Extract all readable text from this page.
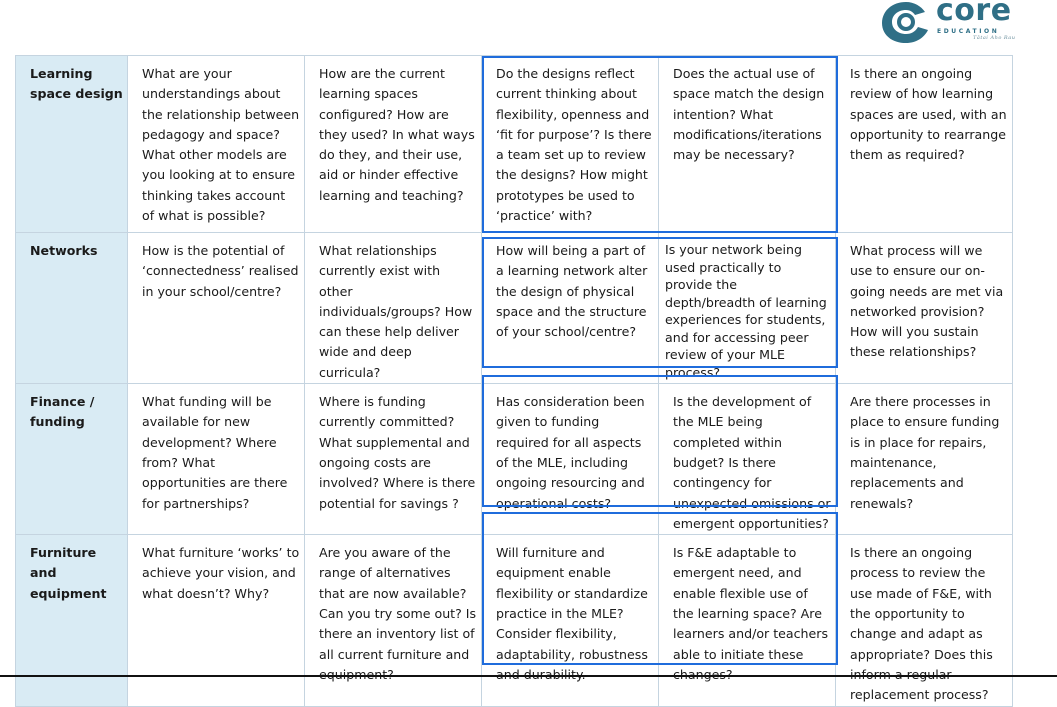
core
EDUCATION
Tātai Aho Rau
Learning space design	What are your understandings about the relationship between pedagogy and space? What other models are you looking at to ensure thinking takes account of what is possible?	How are the current learning spaces configured? How are they used? In what ways do they, and their use, aid or hinder effective learning and teaching?	Do the designs reflect current thinking about flexibility, openness and ‘fit for purpose’? Is there a team set up to review the designs? How might prototypes be used to ‘practice’ with?	Does the actual use of space match the design intention? What modifications/iterations may be necessary?	Is there an ongoing review of how learning spaces are used, with an opportunity to rearrange them as required?
Networks	How is the potential of ‘connectedness’ realised in your school/centre?	What relationships currently exist with other individuals/groups? How can these help deliver wide and deep curricula?	How will being a part of a learning network alter the design of physical space and the structure of your school/centre?	Is your network being used practically to provide the depth/breadth of learning experiences for students, and for accessing peer review of your MLE process?	What process will we use to ensure our on-going needs are met via networked provision? How will you sustain these relationships?
Finance / funding	What funding will be available for new development? Where from? What opportunities are there for partnerships?	Where is funding currently committed? What supplemental and ongoing costs are involved? Where is there potential for savings ?	Has consideration been given to funding required for all aspects of the MLE, including ongoing resourcing and operational costs?	Is the development of the MLE being completed within budget? Is there contingency for unexpected omissions or emergent opportunities?	Are there processes in place to ensure funding is in place for repairs, maintenance, replacements and renewals?
Furniture and equipment	What furniture ‘works’ to achieve your vision, and what doesn’t? Why?	Are you aware of the range of alternatives that are now available? Can you try some out? Is there an inventory list of all current furniture and	Will furniture and equipment enable flexibility or standardize practice in the MLE? Consider flexibility, adaptability, robustness	Is F&E adaptable to emergent need, and enable flexible use of the learning space? Are learners and/or teachers able to initiate these	Is there an ongoing process to review the use made of F&E, with the opportunity to change and adapt as appropriate? Does this replacement process?
